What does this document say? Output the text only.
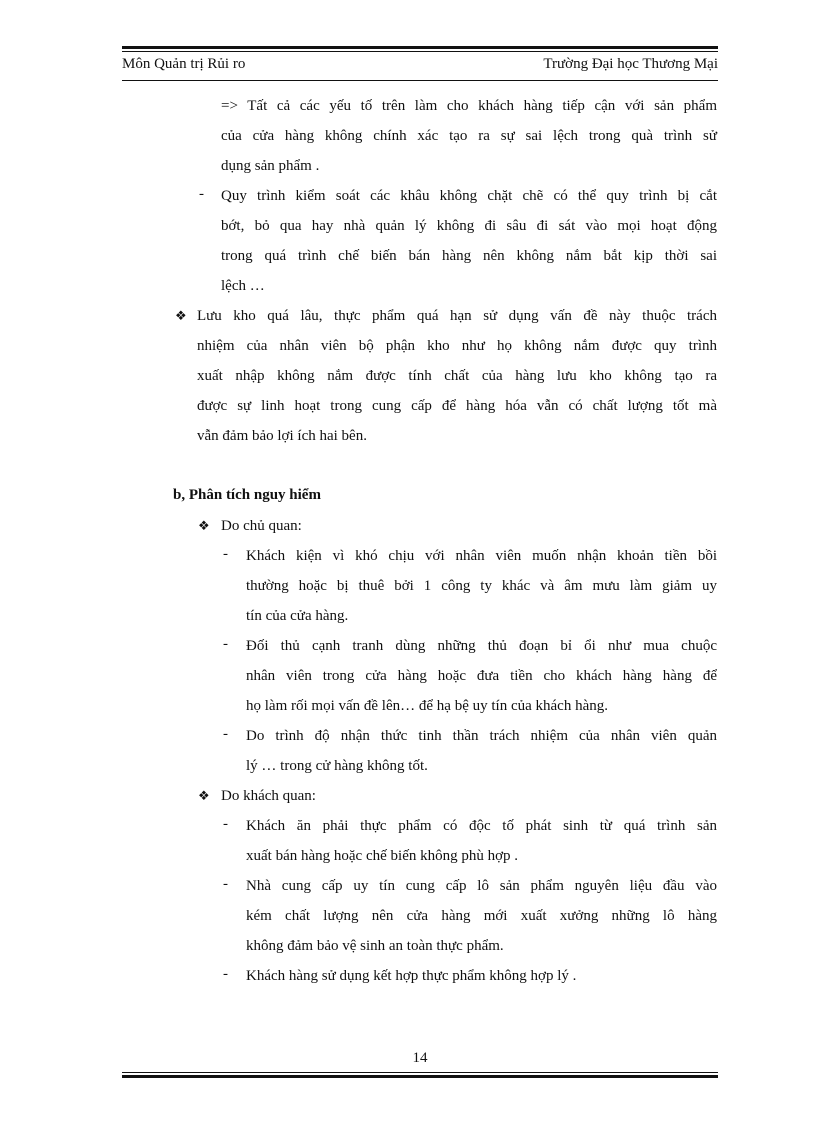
Môn Quản trị Rủi ro	Trường Đại học Thương Mại
=> Tất cả các yếu tố trên làm cho khách hàng tiếp cận với sản phẩm
của cửa hàng không chính xác tạo ra sự sai lệch trong quà trình sử
dụng sản phẩm .
- Quy trình kiểm soát các khâu không chặt chẽ có thể quy trình bị cắt
bớt, bỏ qua hay nhà quản lý không đi sâu đi sát vào mọi hoạt động
trong quá trình chế biến bán hàng nên không nắm bắt kịp thời sai
lệch …
❖ Lưu kho quá lâu, thực phẩm quá hạn sử dụng vấn đề này thuộc trách
nhiệm của nhân viên bộ phận kho như họ không nắm được quy trình
xuất nhập không nắm được tính chất của hàng lưu kho không tạo ra
được sự linh hoạt trong cung cấp để hàng hóa vẫn có chất lượng tốt mà
vẫn đảm bảo lợi ích hai bên.
b, Phân tích nguy hiểm
❖ Do chủ quan:
- Khách kiện vì khó chịu với nhân viên muốn nhận khoản tiền bồi
thường hoặc bị thuê bởi 1 công ty khác và âm mưu làm giảm uy
tín của cửa hàng.
- Đối thủ cạnh tranh dùng những thủ đoạn bỉ ổi như mua chuộc
nhân viên trong cửa hàng hoặc đưa tiền cho khách hàng hàng để
họ làm rối mọi vấn đề lên… để hạ bệ uy tín của khách hàng.
- Do trình độ nhận thức tinh thần trách nhiệm của nhân viên quản
lý … trong cử hàng không tốt.
❖ Do khách quan:
- Khách ăn phải thực phẩm có độc tố phát sinh từ quá trình sản
xuất bán hàng hoặc chế biến không phù hợp .
- Nhà cung cấp uy tín cung cấp lô sản phẩm nguyên liệu đầu vào
kém chất lượng nên cửa hàng mới xuất xưởng những lô hàng
không đảm bảo vệ sinh an toàn thực phẩm.
- Khách hàng sử dụng kết hợp thực phẩm không hợp lý .
14
